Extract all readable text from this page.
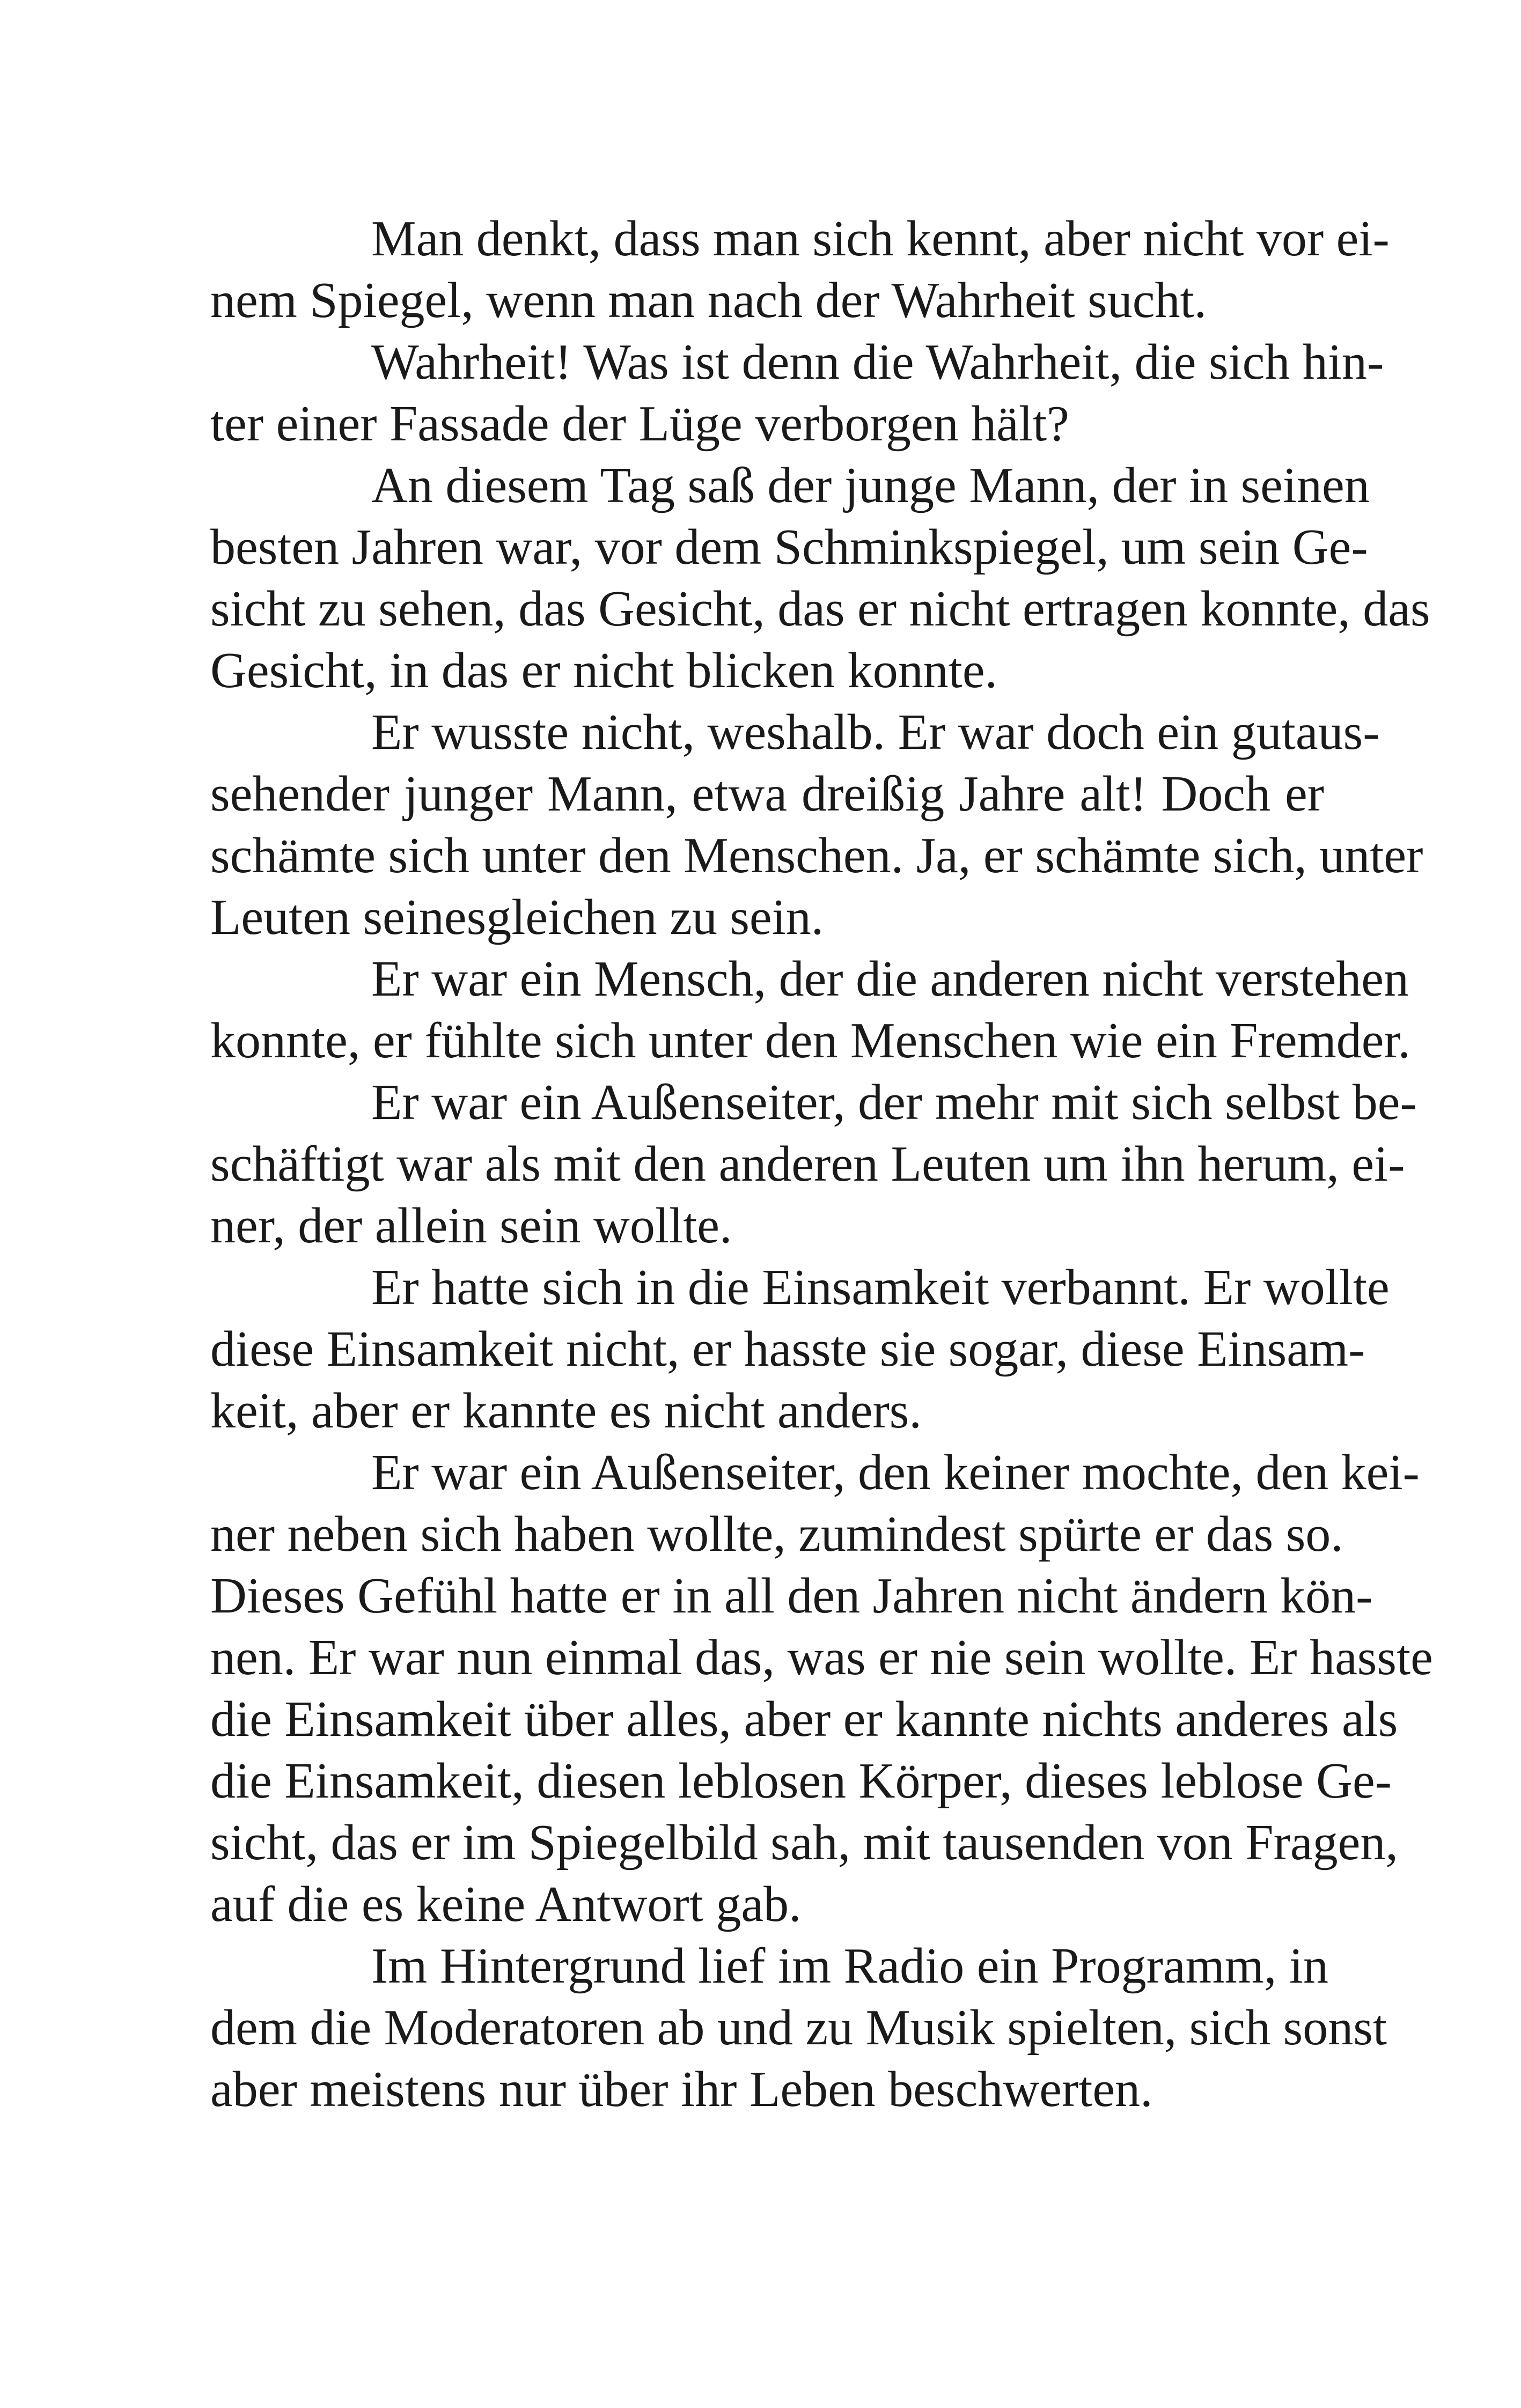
Man denkt, dass man sich kennt, aber nicht vor ei-
nem Spiegel, wenn man nach der Wahrheit sucht.
Wahrheit! Was ist denn die Wahrheit, die sich hin-
ter einer Fassade der Lüge verborgen hält?
An diesem Tag saß der junge Mann, der in seinen
besten Jahren war, vor dem Schminkspiegel, um sein Ge-
sicht zu sehen, das Gesicht, das er nicht ertragen konnte, das
Gesicht, in das er nicht blicken konnte.
Er wusste nicht, weshalb. Er war doch ein gutaus-
sehender junger Mann, etwa dreißig Jahre alt! Doch er
schämte sich unter den Menschen. Ja, er schämte sich, unter
Leuten seinesgleichen zu sein.
Er war ein Mensch, der die anderen nicht verstehen
konnte, er fühlte sich unter den Menschen wie ein Fremder.
Er war ein Außenseiter, der mehr mit sich selbst be-
schäftigt war als mit den anderen Leuten um ihn herum, ei-
ner, der allein sein wollte.
Er hatte sich in die Einsamkeit verbannt. Er wollte
diese Einsamkeit nicht, er hasste sie sogar, diese Einsam-
keit, aber er kannte es nicht anders.
Er war ein Außenseiter, den keiner mochte, den kei-
ner neben sich haben wollte, zumindest spürte er das so.
Dieses Gefühl hatte er in all den Jahren nicht ändern kön-
nen. Er war nun einmal das, was er nie sein wollte. Er hasste
die Einsamkeit über alles, aber er kannte nichts anderes als
die Einsamkeit, diesen leblosen Körper, dieses leblose Ge-
sicht, das er im Spiegelbild sah, mit tausenden von Fragen,
auf die es keine Antwort gab.
Im Hintergrund lief im Radio ein Programm, in
dem die Moderatoren ab und zu Musik spielten, sich sonst
aber meistens nur über ihr Leben beschwerten.
